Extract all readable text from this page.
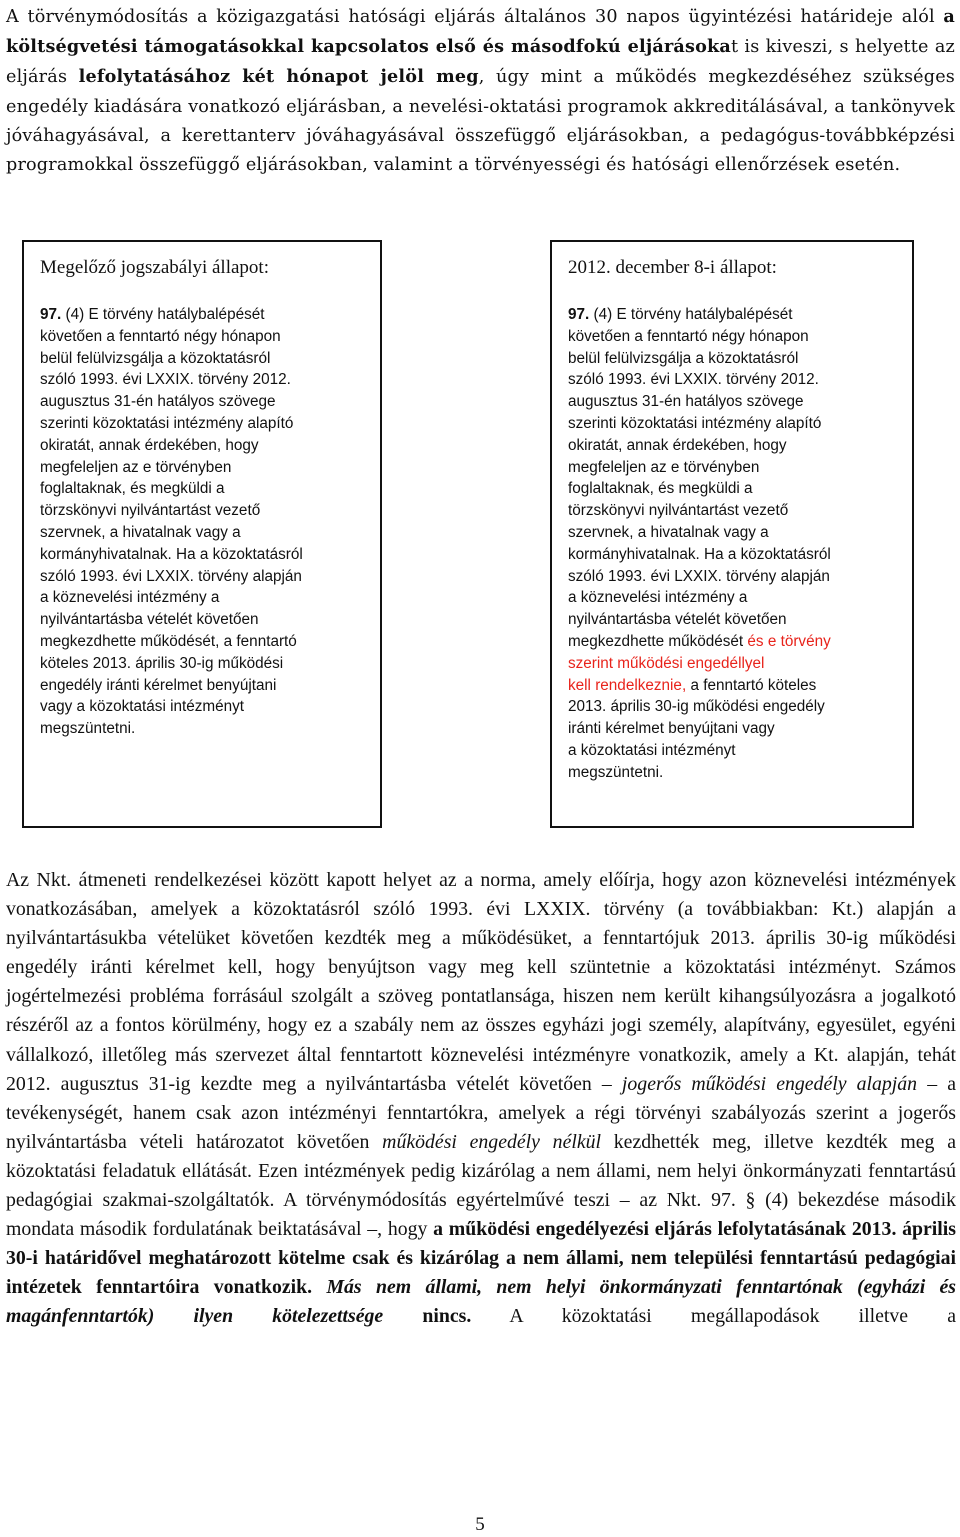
A törvénymódosítás a közigazgatási hatósági eljárás általános 30 napos ügyintézési határideje alól a költségvetési támogatásokkal kapcsolatos első és másodfokú eljárásokat is kiveszi, s helyette az eljárás lefolytatásához két hónapot jelöl meg, úgy mint a működés megkezdéséhez szükséges engedély kiadására vonatkozó eljárásban, a nevelési-oktatási programok akkreditálásával, a tankönyvek jóváhagyásával, a kerettanterv jóváhagyásával összefüggő eljárásokban, a pedagógus-továbbképzési programokkal összefüggő eljárásokban, valamint a törvényességi és hatósági ellenőrzések esetén.

Megelőző jogszabályi állapot:
97. (4) E törvény hatálybalépését
követően a fenntartó négy hónapon
belül felülvizsgálja a közoktatásról
szóló 1993. évi LXXIX. törvény 2012.
augusztus 31-én hatályos szövege
szerinti közoktatási intézmény alapító
okiratát, annak érdekében, hogy
megfeleljen az e törvényben
foglaltaknak, és megküldi a
törzskönyvi nyilvántartást vezető
szervnek, a hivatalnak vagy a
kormányhivatalnak. Ha a közoktatásról
szóló 1993. évi LXXIX. törvény alapján
a köznevelési intézmény a
nyilvántartásba vételét követően
megkezdhette működését, a fenntartó
köteles 2013. április 30-ig működési
engedély iránti kérelmet benyújtani
vagy a közoktatási intézményt
megszüntetni.
2012. december 8-i állapot:
97. (4) E törvény hatálybalépését
követően a fenntartó négy hónapon
belül felülvizsgálja a közoktatásról
szóló 1993. évi LXXIX. törvény 2012.
augusztus 31-én hatályos szövege
szerinti közoktatási intézmény alapító
okiratát, annak érdekében, hogy
megfeleljen az e törvényben
foglaltaknak, és megküldi a
törzskönyvi nyilvántartást vezető
szervnek, a hivatalnak vagy a
kormányhivatalnak. Ha a közoktatásról
szóló 1993. évi LXXIX. törvény alapján
a köznevelési intézmény a
nyilvántartásba vételét követően
megkezdhette működését és e törvény
szerint működési engedéllyel
kell rendelkeznie, a fenntartó köteles
2013. április 30-ig működési engedély
iránti kérelmet benyújtani vagy
a közoktatási intézményt
megszüntetni.

Az Nkt. átmeneti rendelkezései között kapott helyet az a norma, amely előírja, hogy azon köznevelési intézmények vonatkozásában, amelyek a közoktatásról szóló 1993. évi LXXIX. törvény (a továbbiakban: Kt.) alapján a nyilvántartásukba vételüket követően kezdték meg a működésüket, a fenntartójuk 2013. április 30-ig működési engedély iránti kérelmet kell, hogy benyújtson vagy meg kell szüntetnie a közoktatási intézményt. Számos jogértelmezési probléma forrásául szolgált a szöveg pontatlansága, hiszen nem került kihangsúlyozásra a jogalkotó részéről az a fontos körülmény, hogy ez a szabály nem az összes egyházi jogi személy, alapítvány, egyesület, egyéni vállalkozó, illetőleg más szervezet által fenntartott köznevelési intézményre vonatkozik, amely a Kt. alapján, tehát 2012. augusztus 31-ig kezdte meg a nyilvántartásba vételét követően – jogerős működési engedély alapján – a tevékenységét, hanem csak azon intézményi fenntartókra, amelyek a régi törvényi szabályozás szerint a jogerős nyilvántartásba vételi határozatot követően működési engedély nélkül kezdhették meg, illetve kezdték meg a közoktatási feladatuk ellátását. Ezen intézmények pedig kizárólag a nem állami, nem helyi önkormányzati fenntartású pedagógiai szakmai-szolgáltatók. A törvénymódosítás egyértelművé teszi – az Nkt. 97. § (4) bekezdése második mondata második fordulatának beiktatásával –, hogy a működési engedélyezési eljárás lefolytatásának 2013. április 30-i határidővel meghatározott kötelme csak és kizárólag a nem állami, nem települési fenntartású pedagógiai intézetek fenntartóira vonatkozik. Más nem állami, nem helyi önkormányzati fenntartónak (egyházi és magánfenntartók) ilyen kötelezettsége nincs. A közoktatási megállapodások illetve a

5
